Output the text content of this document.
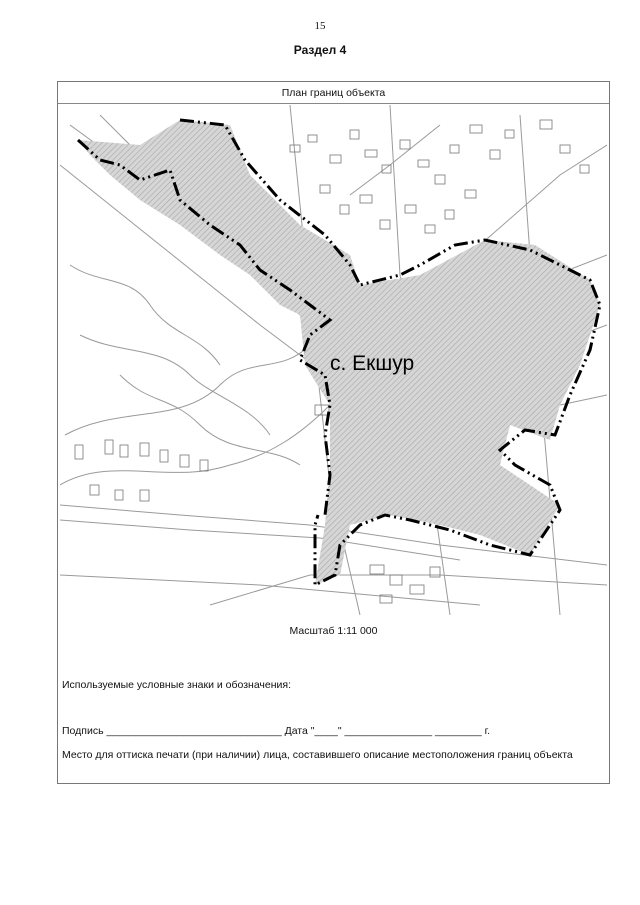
15
Раздел 4
План границ объекта
с. Екшур
Масштаб 1:11 000
Используемые условные знаки и обозначения:
Подпись ______________________________ Дата "____" _______________ ________ г.
Место для оттиска печати (при наличии) лица, составившего описание местоположения границ объекта
